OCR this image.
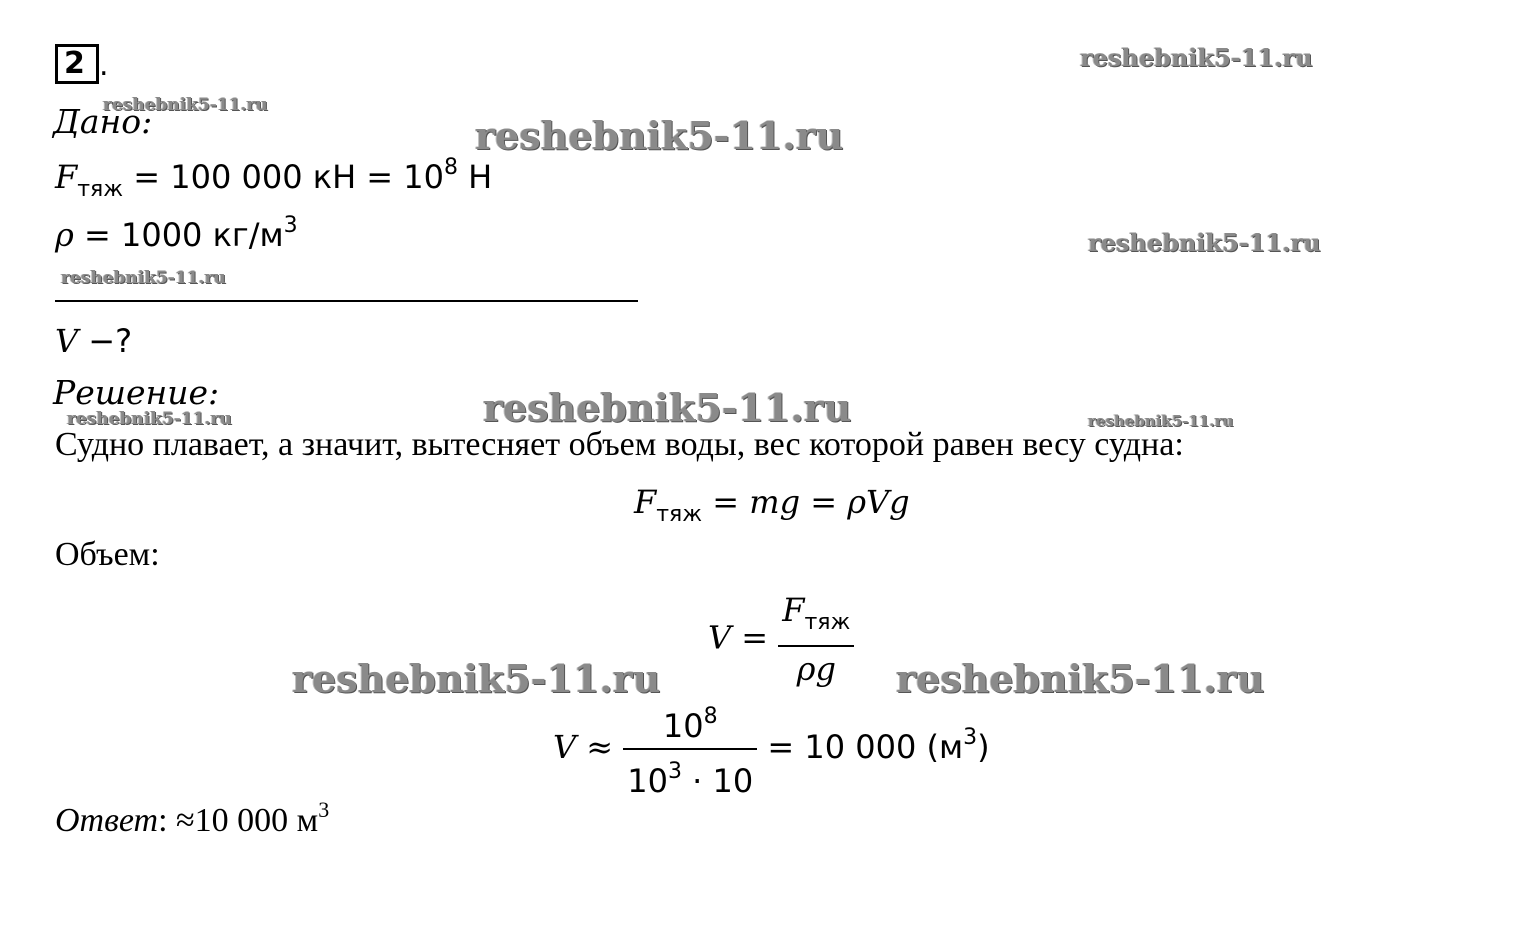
2 .
Дано:
$F_{тяж} = 100$ 000 кН = $10^8$ Н
ρ = 1000 $кг/м^3$
V −?
Решение:
Судно плавает, а значит, вытесняет объем воды, вес которой равен весу судна:
$F_{тяж}$ = mg = ρVg
Объем:
$V = \frac{F_{тяж}}{\rho g}$
$V \approx \frac{10^8}{10^3 \cdot 10} = 10$ 000 $(м^3)$
Ответ: ≈10 000 $м^3$
reshebnik5-11.ru
reshebnik5-11.ru
reshebnik5-11.ru
reshebnik5-11.ru
reshebnik5-11.ru
reshebnik5-11.ru
reshebnik5-11.ru	reshebnik5-11.ru
reshebnik5-11.ru	reshebnik5-11.ru
